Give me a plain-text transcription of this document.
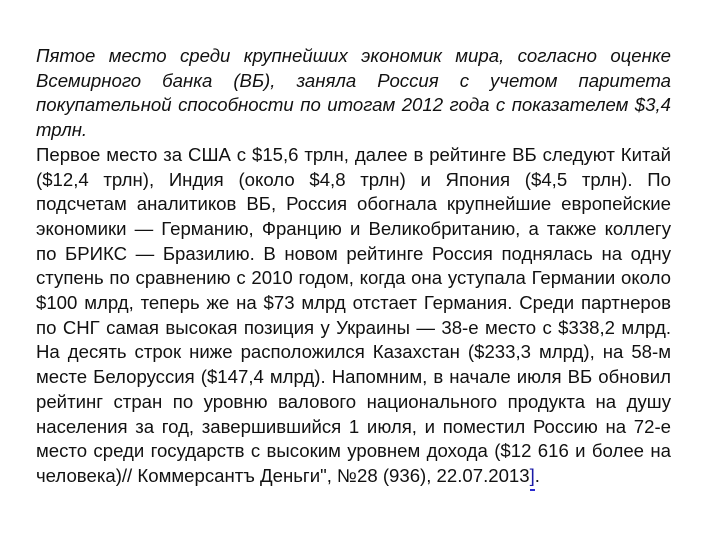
Пятое место среди крупнейших экономик мира, согласно оценке Всемирного банка (ВБ), заняла Россия с учетом паритета покупательной способности по итогам 2012 года с показателем $3,4 трлн.

Первое место за США с $15,6 трлн, далее в рейтинге ВБ следуют Китай ($12,4 трлн), Индия (около $4,8 трлн) и Япония ($4,5 трлн). По подсчетам аналитиков ВБ, Россия обогнала крупнейшие европейские экономики — Германию, Францию и Великобританию, а также коллегу по БРИКС — Бразилию. В новом рейтинге Россия поднялась на одну ступень по сравнению с 2010 годом, когда она уступала Германии около $100 млрд, теперь же на $73 млрд отстает Германия. Среди партнеров по СНГ самая высокая позиция у Украины — 38-е место с $338,2 млрд. На десять строк ниже расположился Казахстан ($233,3 млрд), на 58-м месте Белоруссия ($147,4 млрд). Напомним, в начале июля ВБ обновил рейтинг стран по уровню валового национального продукта на душу населения за год, завершившийся 1 июля, и поместил Россию на 72-е место среди государств с высоким уровнем дохода ($12 616 и более на человека)// Коммерсантъ Деньги", №28 (936), 22.07.2013].
